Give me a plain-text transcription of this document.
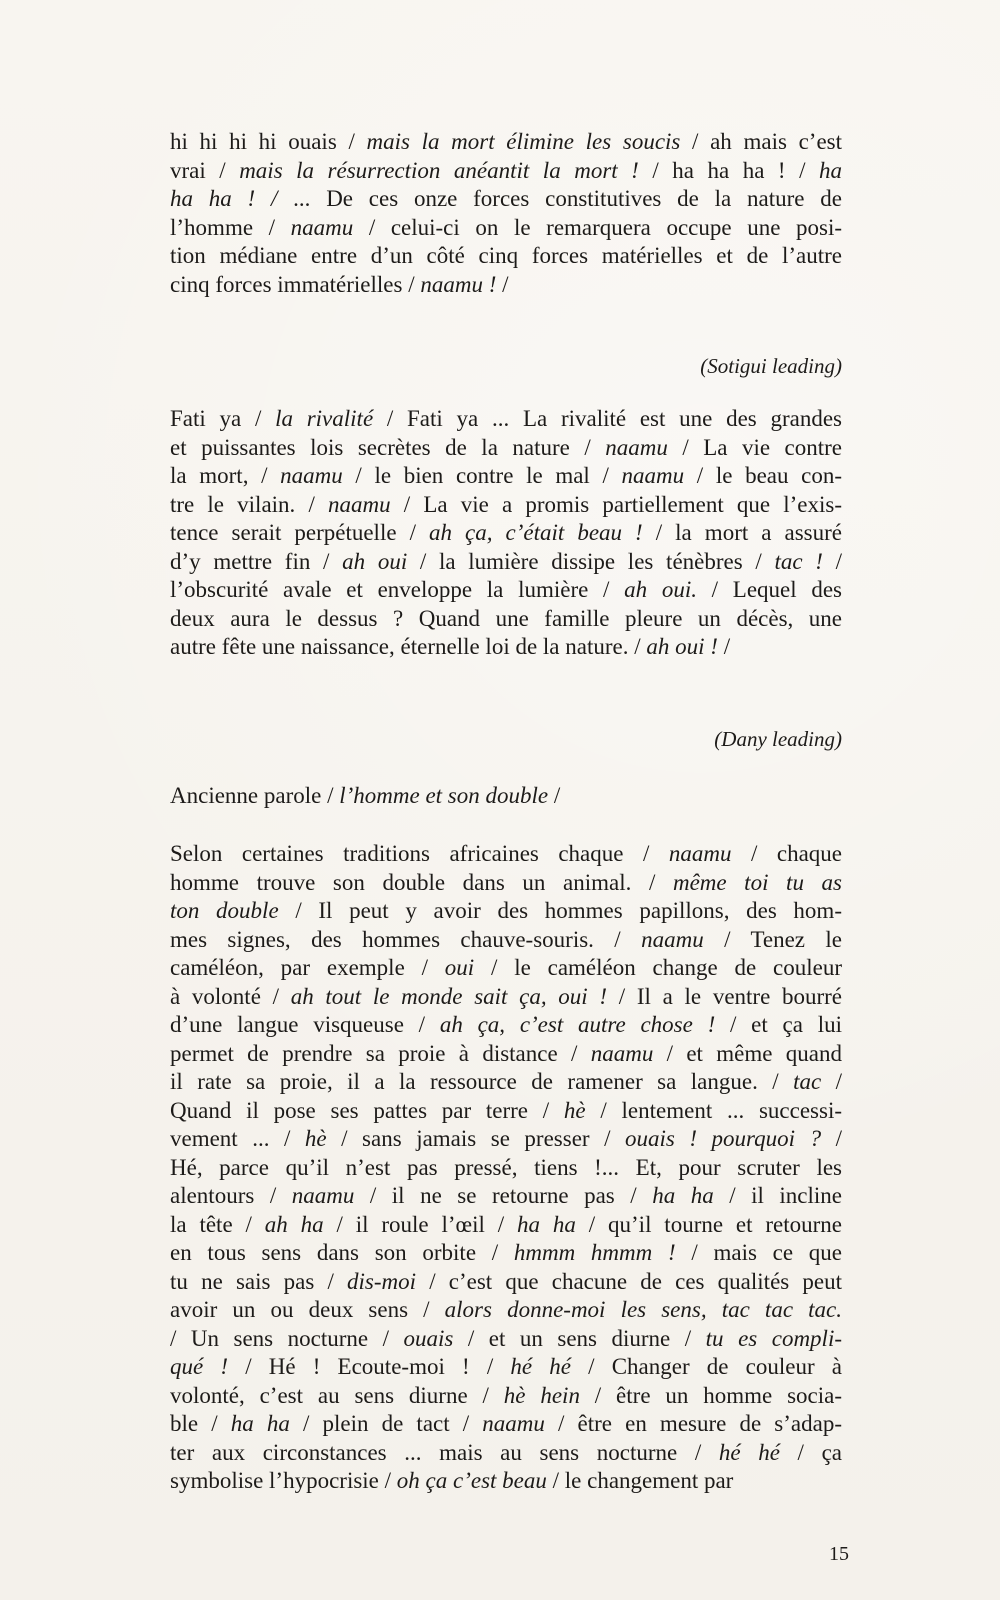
hi hi hi hi ouais / mais la mort élimine les soucis / ah mais c’est
vrai / mais la résurrection anéantit la mort ! / ha ha ha ! / ha
ha ha ! / ... De ces onze forces constitutives de la nature de
l’homme / naamu / celui-ci on le remarquera occupe une posi-
tion médiane entre d’un côté cinq forces matérielles et de l’autre
cinq forces immatérielles / naamu ! /
(Sotigui leading)
Fati ya / la rivalité / Fati ya ... La rivalité est une des grandes
et puissantes lois secrètes de la nature / naamu / La vie contre
la mort, / naamu / le bien contre le mal / naamu / le beau con-
tre le vilain. / naamu / La vie a promis partiellement que l’exis-
tence serait perpétuelle / ah ça, c’était beau ! / la mort a assuré
d’y mettre fin / ah oui / la lumière dissipe les ténèbres / tac ! /
l’obscurité avale et enveloppe la lumière / ah oui. / Lequel des
deux aura le dessus ? Quand une famille pleure un décès, une
autre fête une naissance, éternelle loi de la nature. / ah oui ! /
(Dany leading)
Ancienne parole / l’homme et son double /
Selon certaines traditions africaines chaque / naamu / chaque
homme trouve son double dans un animal. / même toi tu as
ton double / Il peut y avoir des hommes papillons, des hom-
mes signes, des hommes chauve-souris. / naamu / Tenez le
caméléon, par exemple / oui / le caméléon change de couleur
à volonté / ah tout le monde sait ça, oui ! / Il a le ventre bourré
d’une langue visqueuse / ah ça, c’est autre chose ! / et ça lui
permet de prendre sa proie à distance / naamu / et même quand
il rate sa proie, il a la ressource de ramener sa langue. / tac /
Quand il pose ses pattes par terre / hè / lentement ... successi-
vement ... / hè / sans jamais se presser / ouais ! pourquoi ? /
Hé, parce qu’il n’est pas pressé, tiens !... Et, pour scruter les
alentours / naamu / il ne se retourne pas / ha ha / il incline
la tête / ah ha / il roule l’œil / ha ha / qu’il tourne et retourne
en tous sens dans son orbite / hmmm hmmm ! / mais ce que
tu ne sais pas / dis-moi / c’est que chacune de ces qualités peut
avoir un ou deux sens / alors donne-moi les sens, tac tac tac.
/ Un sens nocturne / ouais / et un sens diurne / tu es compli-
qué ! / Hé ! Ecoute-moi ! / hé hé / Changer de couleur à
volonté, c’est au sens diurne / hè hein / être un homme socia-
ble / ha ha / plein de tact / naamu / être en mesure de s’adap-
ter aux circonstances ... mais au sens nocturne / hé hé / ça
symbolise l’hypocrisie / oh ça c’est beau / le changement par
15
